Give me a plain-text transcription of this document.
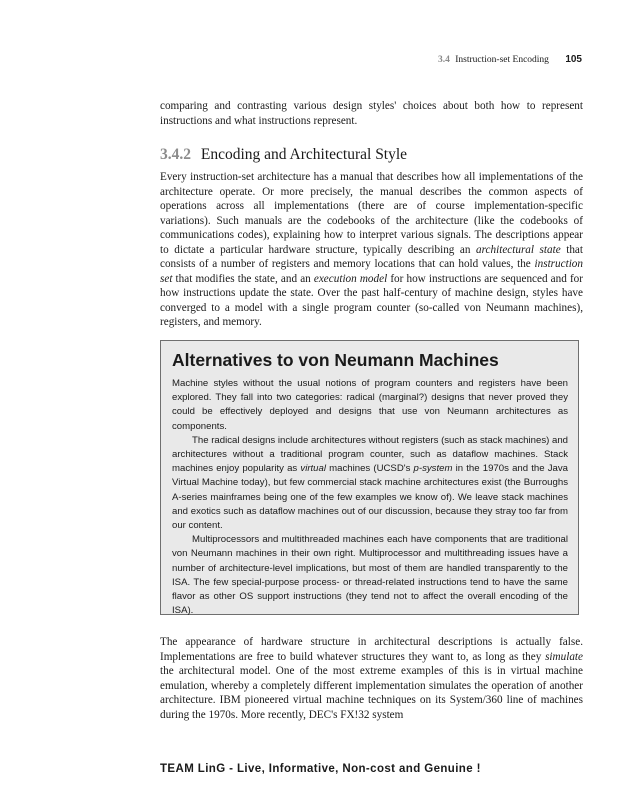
3.4 Instruction-set Encoding 105

comparing and contrasting various design styles' choices about both how to represent instructions and what instructions represent.

3.4.2 Encoding and Architectural Style

Every instruction-set architecture has a manual that describes how all implementations of the architecture operate. Or more precisely, the manual describes the common aspects of operations across all implementations (there are of course implementation-specific variations). Such manuals are the codebooks of the architecture (like the codebooks of communications codes), explaining how to interpret various signals. The descriptions appear to dictate a particular hardware structure, typically describing an architectural state that consists of a number of registers and memory locations that can hold values, the instruction set that modifies the state, and an execution model for how instructions are sequenced and for how instructions update the state. Over the past half-century of machine design, styles have converged to a model with a single program counter (so-called von Neumann machines), registers, and memory.

Alternatives to von Neumann Machines

Machine styles without the usual notions of program counters and registers have been explored. They fall into two categories: radical (marginal?) designs that never proved they could be effectively deployed and designs that use von Neumann architectures as components.

The radical designs include architectures without registers (such as stack machines) and architectures without a traditional program counter, such as dataflow machines. Stack machines enjoy popularity as virtual machines (UCSD's p-system in the 1970s and the Java Virtual Machine today), but few commercial stack machine architectures exist (the Burroughs A-series mainframes being one of the few examples we know of). We leave stack machines and exotics such as dataflow machines out of our discussion, because they stray too far from our content.

Multiprocessors and multithreaded machines each have components that are traditional von Neumann machines in their own right. Multiprocessor and multithreading issues have a number of architecture-level implications, but most of them are handled transparently to the ISA. The few special-purpose process- or thread-related instructions tend to have the same flavor as other OS support instructions (they tend not to affect the overall encoding of the ISA).

The appearance of hardware structure in architectural descriptions is actually false. Implementations are free to build whatever structures they want to, as long as they simulate the architectural model. One of the most extreme examples of this is in virtual machine emulation, whereby a completely different implementation simulates the operation of another architecture. IBM pioneered virtual machine techniques on its System/360 line of machines during the 1970s. More recently, DEC's FX!32 system

TEAM LinG - Live, Informative, Non-cost and Genuine !
